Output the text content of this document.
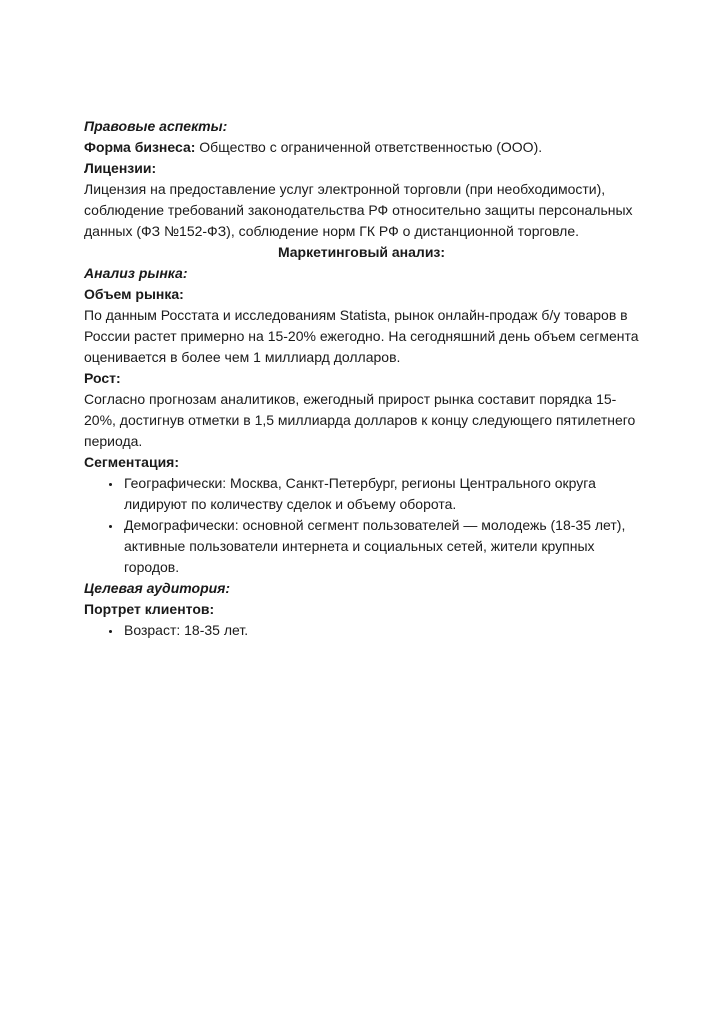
Правовые аспекты:

Форма бизнеса: Общество с ограниченной ответственностью (ООО).

Лицензии:

Лицензия на предоставление услуг электронной торговли (при необходимости), соблюдение требований законодательства РФ относительно защиты персональных данных (ФЗ №152-ФЗ), соблюдение норм ГК РФ о дистанционной торговле.

Маркетинговый анализ:

Анализ рынка:

Объем рынка:

По данным Росстата и исследованиям Statista, рынок онлайн-продаж б/у товаров в России растет примерно на 15-20% ежегодно. На сегодняшний день объем сегмента оценивается в более чем 1 миллиард долларов.

Рост:

Согласно прогнозам аналитиков, ежегодный прирост рынка составит порядка 15-20%, достигнув отметки в 1,5 миллиарда долларов к концу следующего пятилетнего периода.

Сегментация:

• Географически: Москва, Санкт-Петербург, регионы Центрального округа лидируют по количеству сделок и объему оборота.
• Демографически: основной сегмент пользователей — молодежь (18-35 лет), активные пользователи интернета и социальных сетей, жители крупных городов.

Целевая аудитория:

Портрет клиентов:

• Возраст: 18-35 лет.
